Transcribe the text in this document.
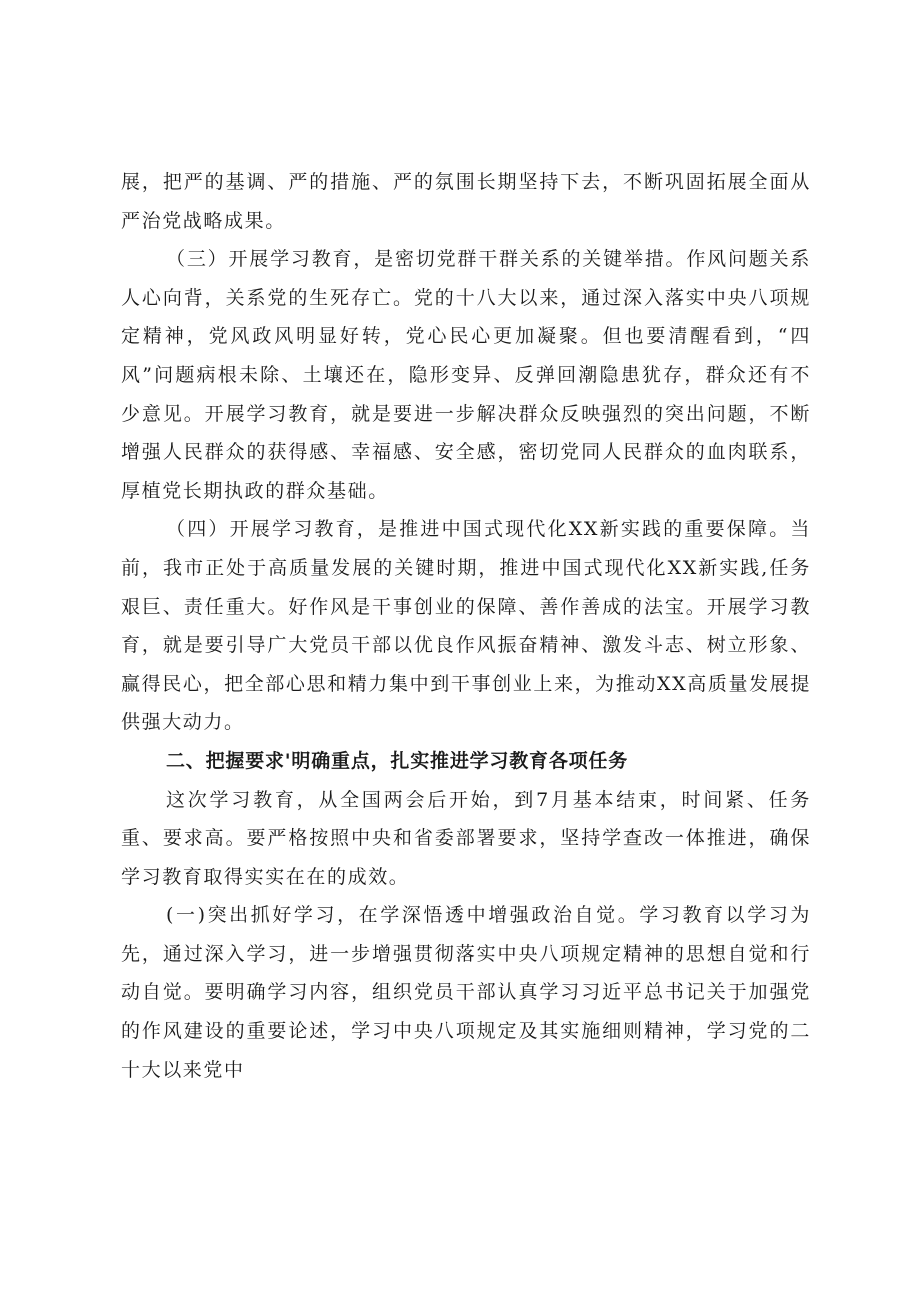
展，把严的基调、严的措施、严的氛围长期坚持下去，不断巩固拓展全面从严治党战略成果。

（三）开展学习教育，是密切党群干群关系的关键举措。作风问题关系人心向背，关系党的生死存亡。党的十八大以来，通过深入落实中央八项规定精神，党风政风明显好转，党心民心更加凝聚。但也要清醒看到，“四风”问题病根未除、土壤还在，隐形变异、反弹回潮隐患犹存，群众还有不少意见。开展学习教育，就是要进一步解决群众反映强烈的突出问题，不断增强人民群众的获得感、幸福感、安全感，密切党同人民群众的血肉联系，厚植党长期执政的群众基础。

（四）开展学习教育，是推进中国式现代化XX新实践的重要保障。当前，我市正处于高质量发展的关键时期，推进中国式现代化XX新实践,任务艰巨、责任重大。好作风是干事创业的保障、善作善成的法宝。开展学习教育，就是要引导广大党员干部以优良作风振奋精神、激发斗志、树立形象、赢得民心，把全部心思和精力集中到干事创业上来，为推动XX高质量发展提供强大动力。

二、把握要求'明确重点，扎实推进学习教育各项任务

这次学习教育，从全国两会后开始，到7月基本结束，时间紧、任务重、要求高。要严格按照中央和省委部署要求，坚持学查改一体推进，确保学习教育取得实实在在的成效。

(一)突出抓好学习，在学深悟透中增强政治自觉。学习教育以学习为先，通过深入学习，进一步增强贯彻落实中央八项规定精神的思想自觉和行动自觉。要明确学习内容，组织党员干部认真学习习近平总书记关于加强党的作风建设的重要论述，学习中央八项规定及其实施细则精神，学习党的二十大以来党中
